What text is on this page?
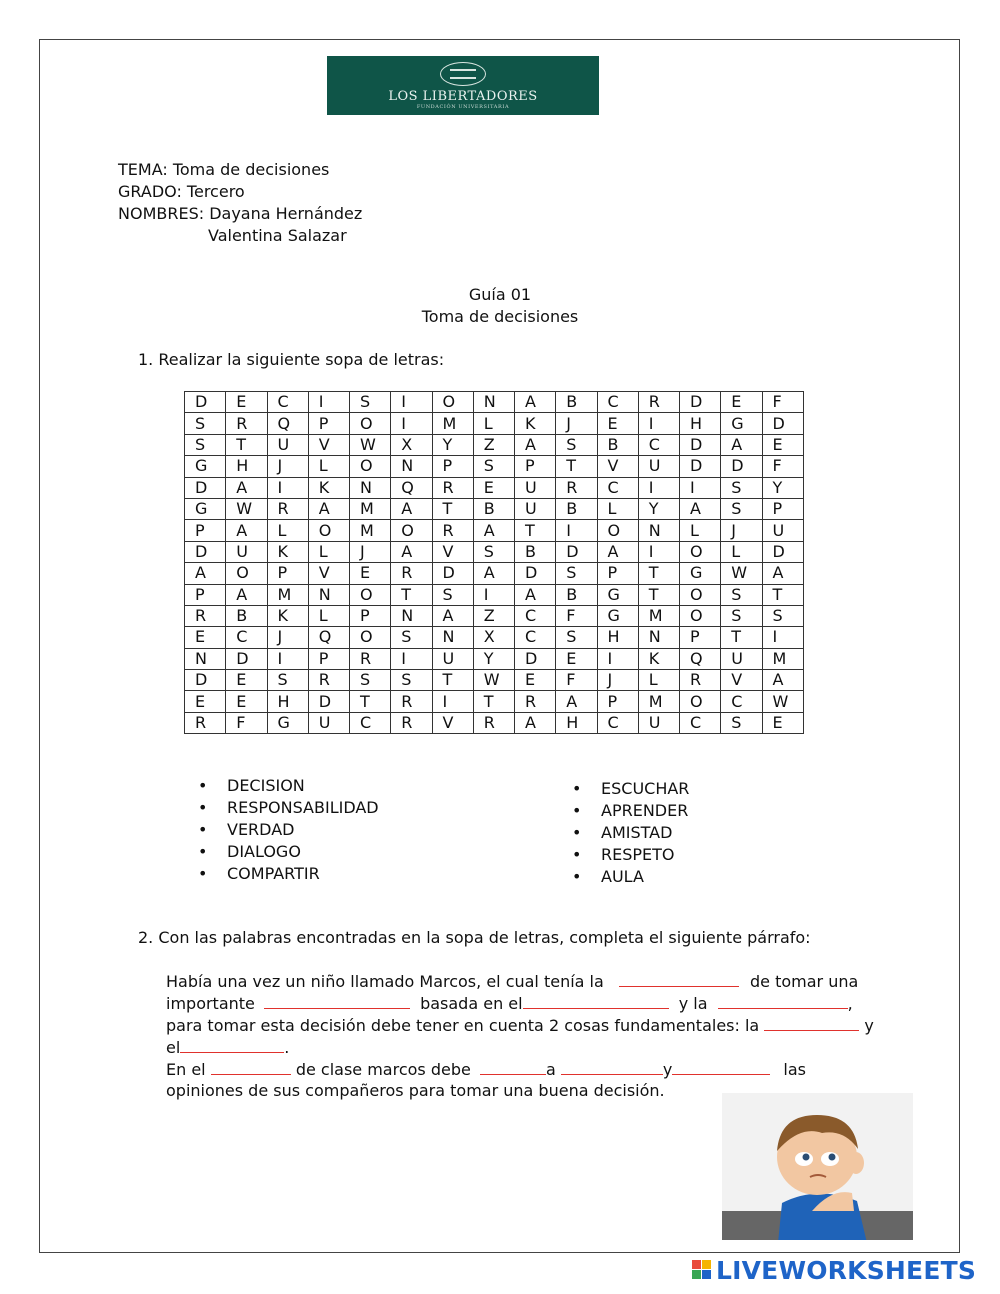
LOS LIBERTADORES
FUNDACIÓN UNIVERSITARIA
TEMA: Toma de decisiones
GRADO: Tercero
NOMBRES: Dayana Hernández
Valentina Salazar
Guía 01
Toma de decisiones
1. Realizar la siguiente sopa de letras:
D	E	C	I	S	I	O	N	A	B	C	R	D	E	F
S	R	Q	P	O	I	M	L	K	J	E	I	H	G	D
S	T	U	V	W	X	Y	Z	A	S	B	C	D	A	E
G	H	J	L	O	N	P	S	P	T	V	U	D	D	F
D	A	I	K	N	Q	R	E	U	R	C	I	I	S	Y
G	W	R	A	M	A	T	B	U	B	L	Y	A	S	P
P	A	L	O	M	O	R	A	T	I	O	N	L	J	U
D	U	K	L	J	A	V	S	B	D	A	I	O	L	D
A	O	P	V	E	R	D	A	D	S	P	T	G	W	A
P	A	M	N	O	T	S	I	A	B	G	T	O	S	T
R	B	K	L	P	N	A	Z	C	F	G	M	O	S	S
E	C	J	Q	O	S	N	X	C	S	H	N	P	T	I
N	D	I	P	R	I	U	Y	D	E	I	K	Q	U	M
D	E	S	R	S	S	T	W	E	F	J	L	R	V	A
E	E	H	D	T	R	I	T	R	A	P	M	O	C	W
R	F	G	U	C	R	V	R	A	H	C	U	C	S	E
• DECISION
• RESPONSABILIDAD
• VERDAD
• DIALOGO
• COMPARTIR
• ESCUCHAR
• APRENDER
• AMISTAD
• RESPETO
• AULA
2. Con las palabras encontradas en la sopa de letras, completa el siguiente párrafo:
Había una vez un niño llamado Marcos, el cual tenía la	de tomar una
importante	basada en el	y la	,
para tomar esta decisión debe tener en cuenta 2 cosas fundamentales: la	y
el	.
En el	de clase marcos debe	a	y	las
opiniones de sus compañeros para tomar una buena decisión.
LIVEWORKSHEETS
